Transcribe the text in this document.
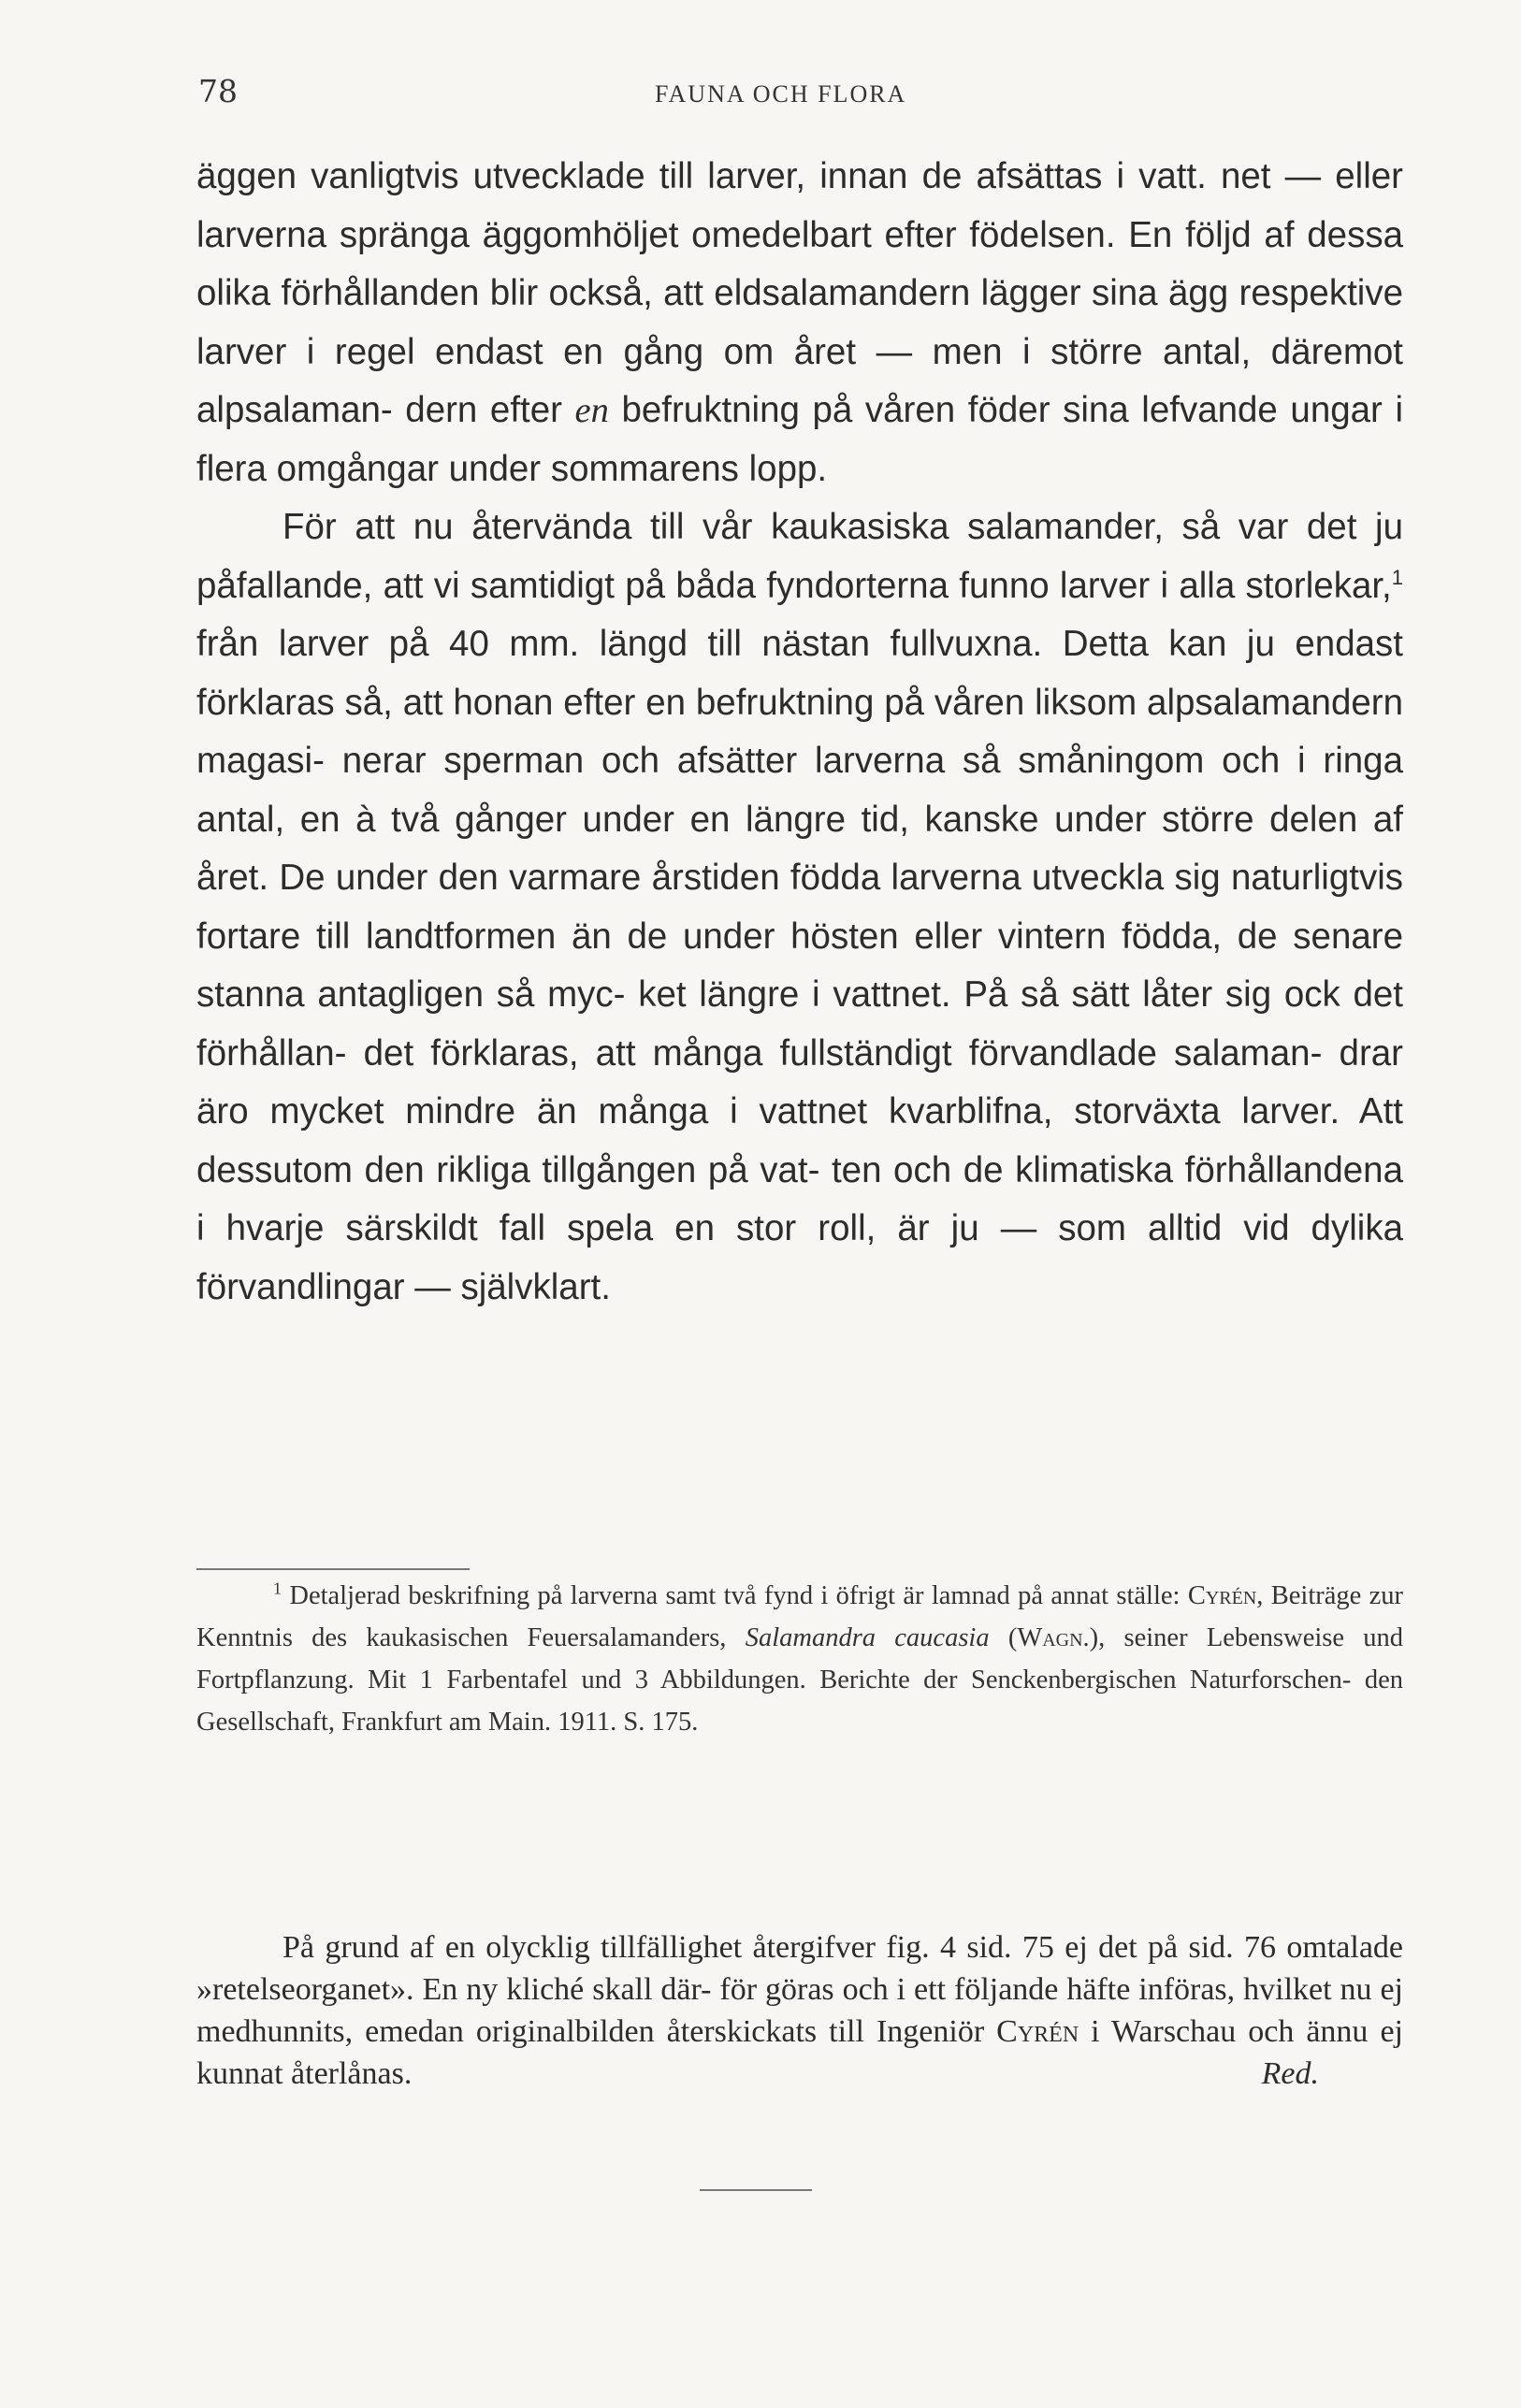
78	FAUNA OCH FLORA

äggen vanligtvis utvecklade till larver, innan de afsättas i vatt. net — eller larverna spränga äggomhöljet omedelbart efter födelsen. En följd af dessa olika förhållanden blir också, att eldsalamandern lägger sina ägg respektive larver i regel endast en gång om året — men i större antal, däremot alpsalaman- dern efter en befruktning på våren föder sina lefvande ungar i flera omgångar under sommarens lopp.

För att nu återvända till vår kaukasiska salamander, så var det ju påfallande, att vi samtidigt på båda fyndorterna funno larver i alla storlekar,$^1$ från larver på 40 mm. längd till nästan fullvuxna. Detta kan ju endast förklaras så, att honan efter en befruktning på våren liksom alpsalamandern magasi- nerar sperman och afsätter larverna så småningom och i ringa antal, en à två gånger under en längre tid, kanske under större delen af året. De under den varmare årstiden födda larverna utveckla sig naturligtvis fortare till landtformen än de under hösten eller vintern födda, de senare stanna antagligen så myc- ket längre i vattnet. På så sätt låter sig ock det förhållan- det förklaras, att många fullständigt förvandlade salaman- drar äro mycket mindre än många i vattnet kvarblifna, storväxta larver. Att dessutom den rikliga tillgången på vat- ten och de klimatiska förhållandena i hvarje särskildt fall spela en stor roll, är ju — som alltid vid dylika förvandlingar — självklart.

$^1$ Detaljerad beskrifning på larverna samt två fynd i öfrigt är lamnad på annat ställe: Cyrén, Beiträge zur Kenntnis des kaukasischen Feuersalamanders, Salamandra caucasia (Wagn.), seiner Lebensweise und Fortpflanzung. Mit 1 Farbentafel und 3 Abbildungen. Berichte der Senckenbergischen Naturforschen- den Gesellschaft, Frankfurt am Main. 1911. S. 175.

På grund af en olycklig tillfällighet återgifver fig. 4 sid. 75 ej det på sid. 76 omtalade »retelseorganet». En ny kliché skall där- för göras och i ett följande häfte införas, hvilket nu ej medhunnits, emedan originalbilden återskickats till Ingeniör Cyrén i Warschau och ännu ej kunnat återlånas.	Red.
